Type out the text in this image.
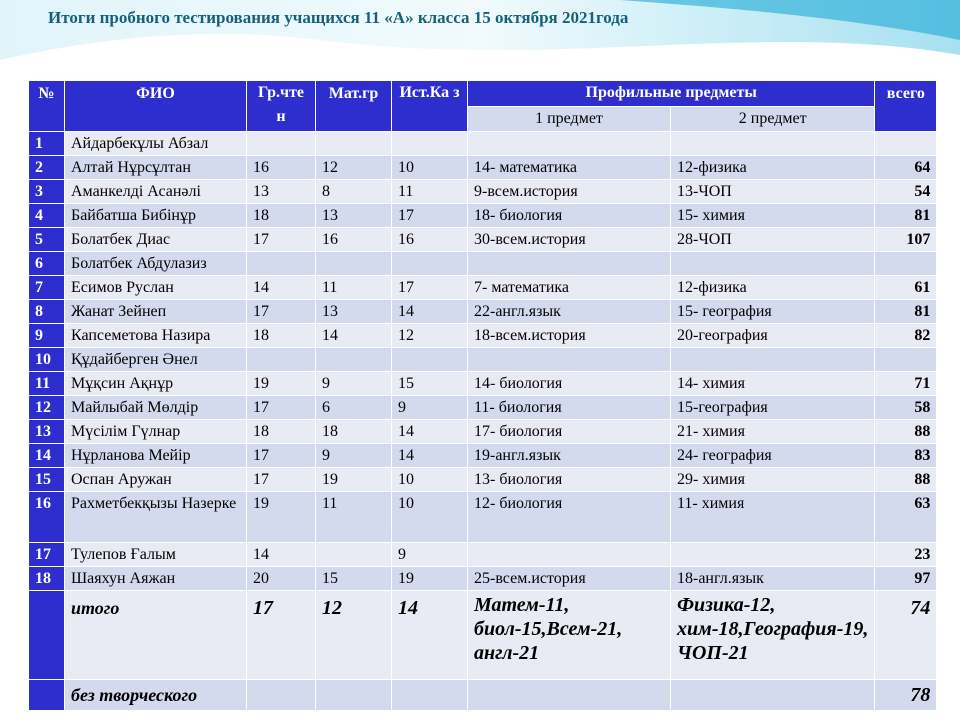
Итоги пробного тестирования учащихся 11 «А» класса 15 октября 2021года
№	ФИО	Гр.чте н	Мат.гр	Ист.Ка з	Профильные предметы		всего

					1 предмет	2 предмет	
1	Айдарбекұлы Абзал						
2	Алтай Нұрсұлтан	16	12	10	14- математика	12-физика	64
3	Аманкелді Асанәлі	13	8	11	9-всем.история	13-ЧОП	54
4	Байбатша Бибінұр	18	13	17	18- биология	15- химия	81
5	Болатбек Диас	17	16	16	30-всем.история	28-ЧОП	107
6	Болатбек Абдулазиз						
7	Есимов Руслан	14	11	17	7- математика	12-физика	61
8	Жанат Зейнеп	17	13	14	22-англ.язык	15- география	81
9	Капсеметова Назира	18	14	12	18-всем.история	20-география	82
10	Құдайберген Әнел						
11	Мұқсин Ақнұр	19	9	15	14- биология	14- химия	71
12	Майлыбай Мөлдір	17	6	9	11- биология	15-география	58
13	Мүсілім Гүлнар	18	18	14	17- биология	21- химия	88
14	Нұрланова Мейір	17	9	14	19-англ.язык	24- география	83
15	Оспан Аружан	17	19	10	13- биология	29- химия	88
16	Рахметбекқызы Назерке	19	11	10	12- биология	11- химия	63
17	Тулепов Ғалым	14		9			23
18	Шаяхун Аяжан	20	15	19	25-всем.история	18-англ.язык	97
	итого	17	12	14	Матем-11, биол-15,Всем-21, англ-21	Физика-12, хим-18,География-19, ЧОП-21	74
	без творческого						78
